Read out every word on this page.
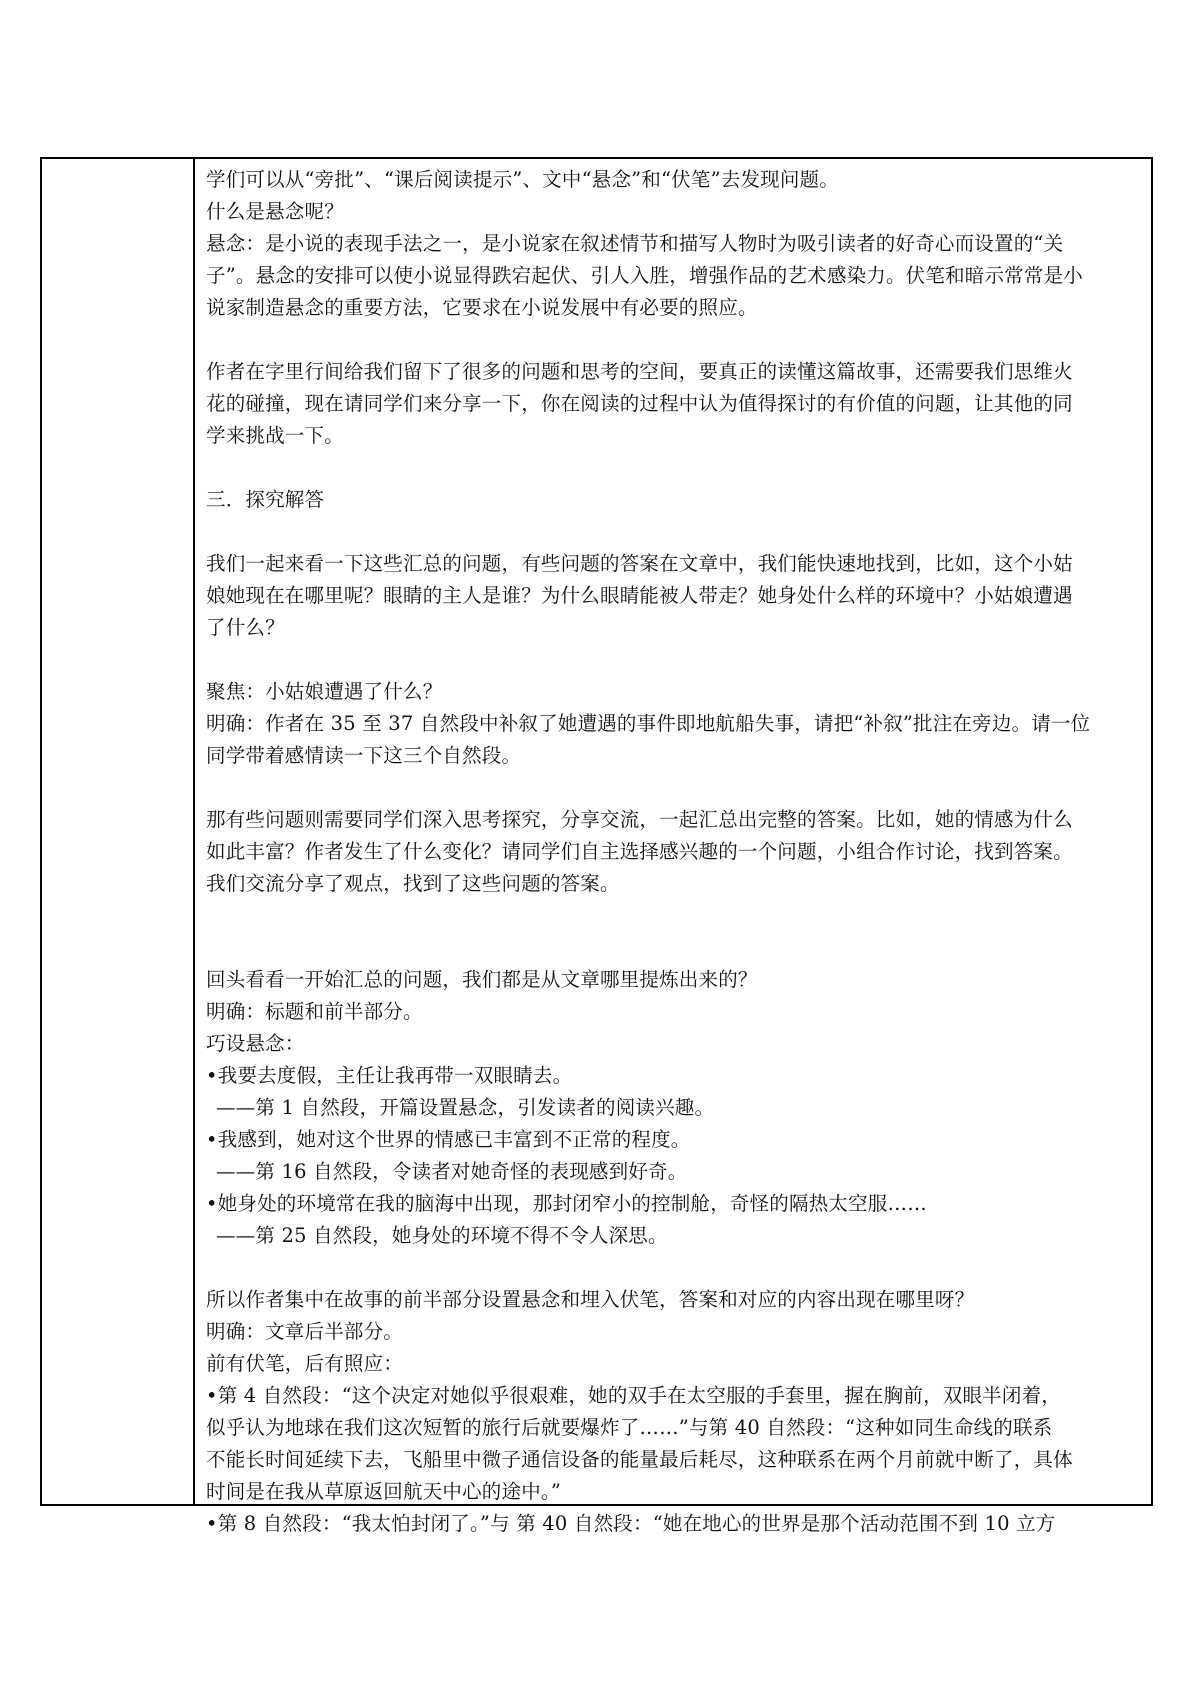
学们可以从“旁批”、“课后阅读提示”、文中“悬念”和“伏笔”去发现问题。
什么是悬念呢？
悬念：是小说的表现手法之一，是小说家在叙述情节和描写人物时为吸引读者的好奇心而设置的“关
子”。悬念的安排可以使小说显得跌宕起伏、引人入胜，增强作品的艺术感染力。伏笔和暗示常常是小
说家制造悬念的重要方法，它要求在小说发展中有必要的照应。
作者在字里行间给我们留下了很多的问题和思考的空间，要真正的读懂这篇故事，还需要我们思维火
花的碰撞，现在请同学们来分享一下，你在阅读的过程中认为值得探讨的有价值的问题，让其他的同
学来挑战一下。
三．探究解答
我们一起来看一下这些汇总的问题，有些问题的答案在文章中，我们能快速地找到，比如，这个小姑
娘她现在在哪里呢？眼睛的主人是谁？为什么眼睛能被人带走？她身处什么样的环境中？小姑娘遭遇
了什么？
聚焦：小姑娘遭遇了什么？
明确：作者在 35 至 37 自然段中补叙了她遭遇的事件即地航船失事，请把“补叙”批注在旁边。请一位
同学带着感情读一下这三个自然段。
那有些问题则需要同学们深入思考探究，分享交流，一起汇总出完整的答案。比如，她的情感为什么
如此丰富？作者发生了什么变化？请同学们自主选择感兴趣的一个问题，小组合作讨论，找到答案。
我们交流分享了观点，找到了这些问题的答案。
回头看看一开始汇总的问题，我们都是从文章哪里提炼出来的？
明确：标题和前半部分。
巧设悬念：
•我要去度假，主任让我再带一双眼睛去。
——第 1 自然段，开篇设置悬念，引发读者的阅读兴趣。
•我感到，她对这个世界的情感已丰富到不正常的程度。
——第 16 自然段，令读者对她奇怪的表现感到好奇。
•她身处的环境常在我的脑海中出现，那封闭窄小的控制舱，奇怪的隔热太空服……
——第 25 自然段，她身处的环境不得不令人深思。
所以作者集中在故事的前半部分设置悬念和埋入伏笔，答案和对应的内容出现在哪里呀？
明确：文章后半部分。
前有伏笔，后有照应：
•第 4 自然段：“这个决定对她似乎很艰难，她的双手在太空服的手套里，握在胸前，双眼半闭着，
似乎认为地球在我们这次短暂的旅行后就要爆炸了……”与第 40 自然段：“这种如同生命线的联系
不能长时间延续下去，飞船里中微子通信设备的能量最后耗尽，这种联系在两个月前就中断了，具体
时间是在我从草原返回航天中心的途中。”
•第 8 自然段：“我太怕封闭了。”与 第 40 自然段：“她在地心的世界是那个活动范围不到 10 立方
